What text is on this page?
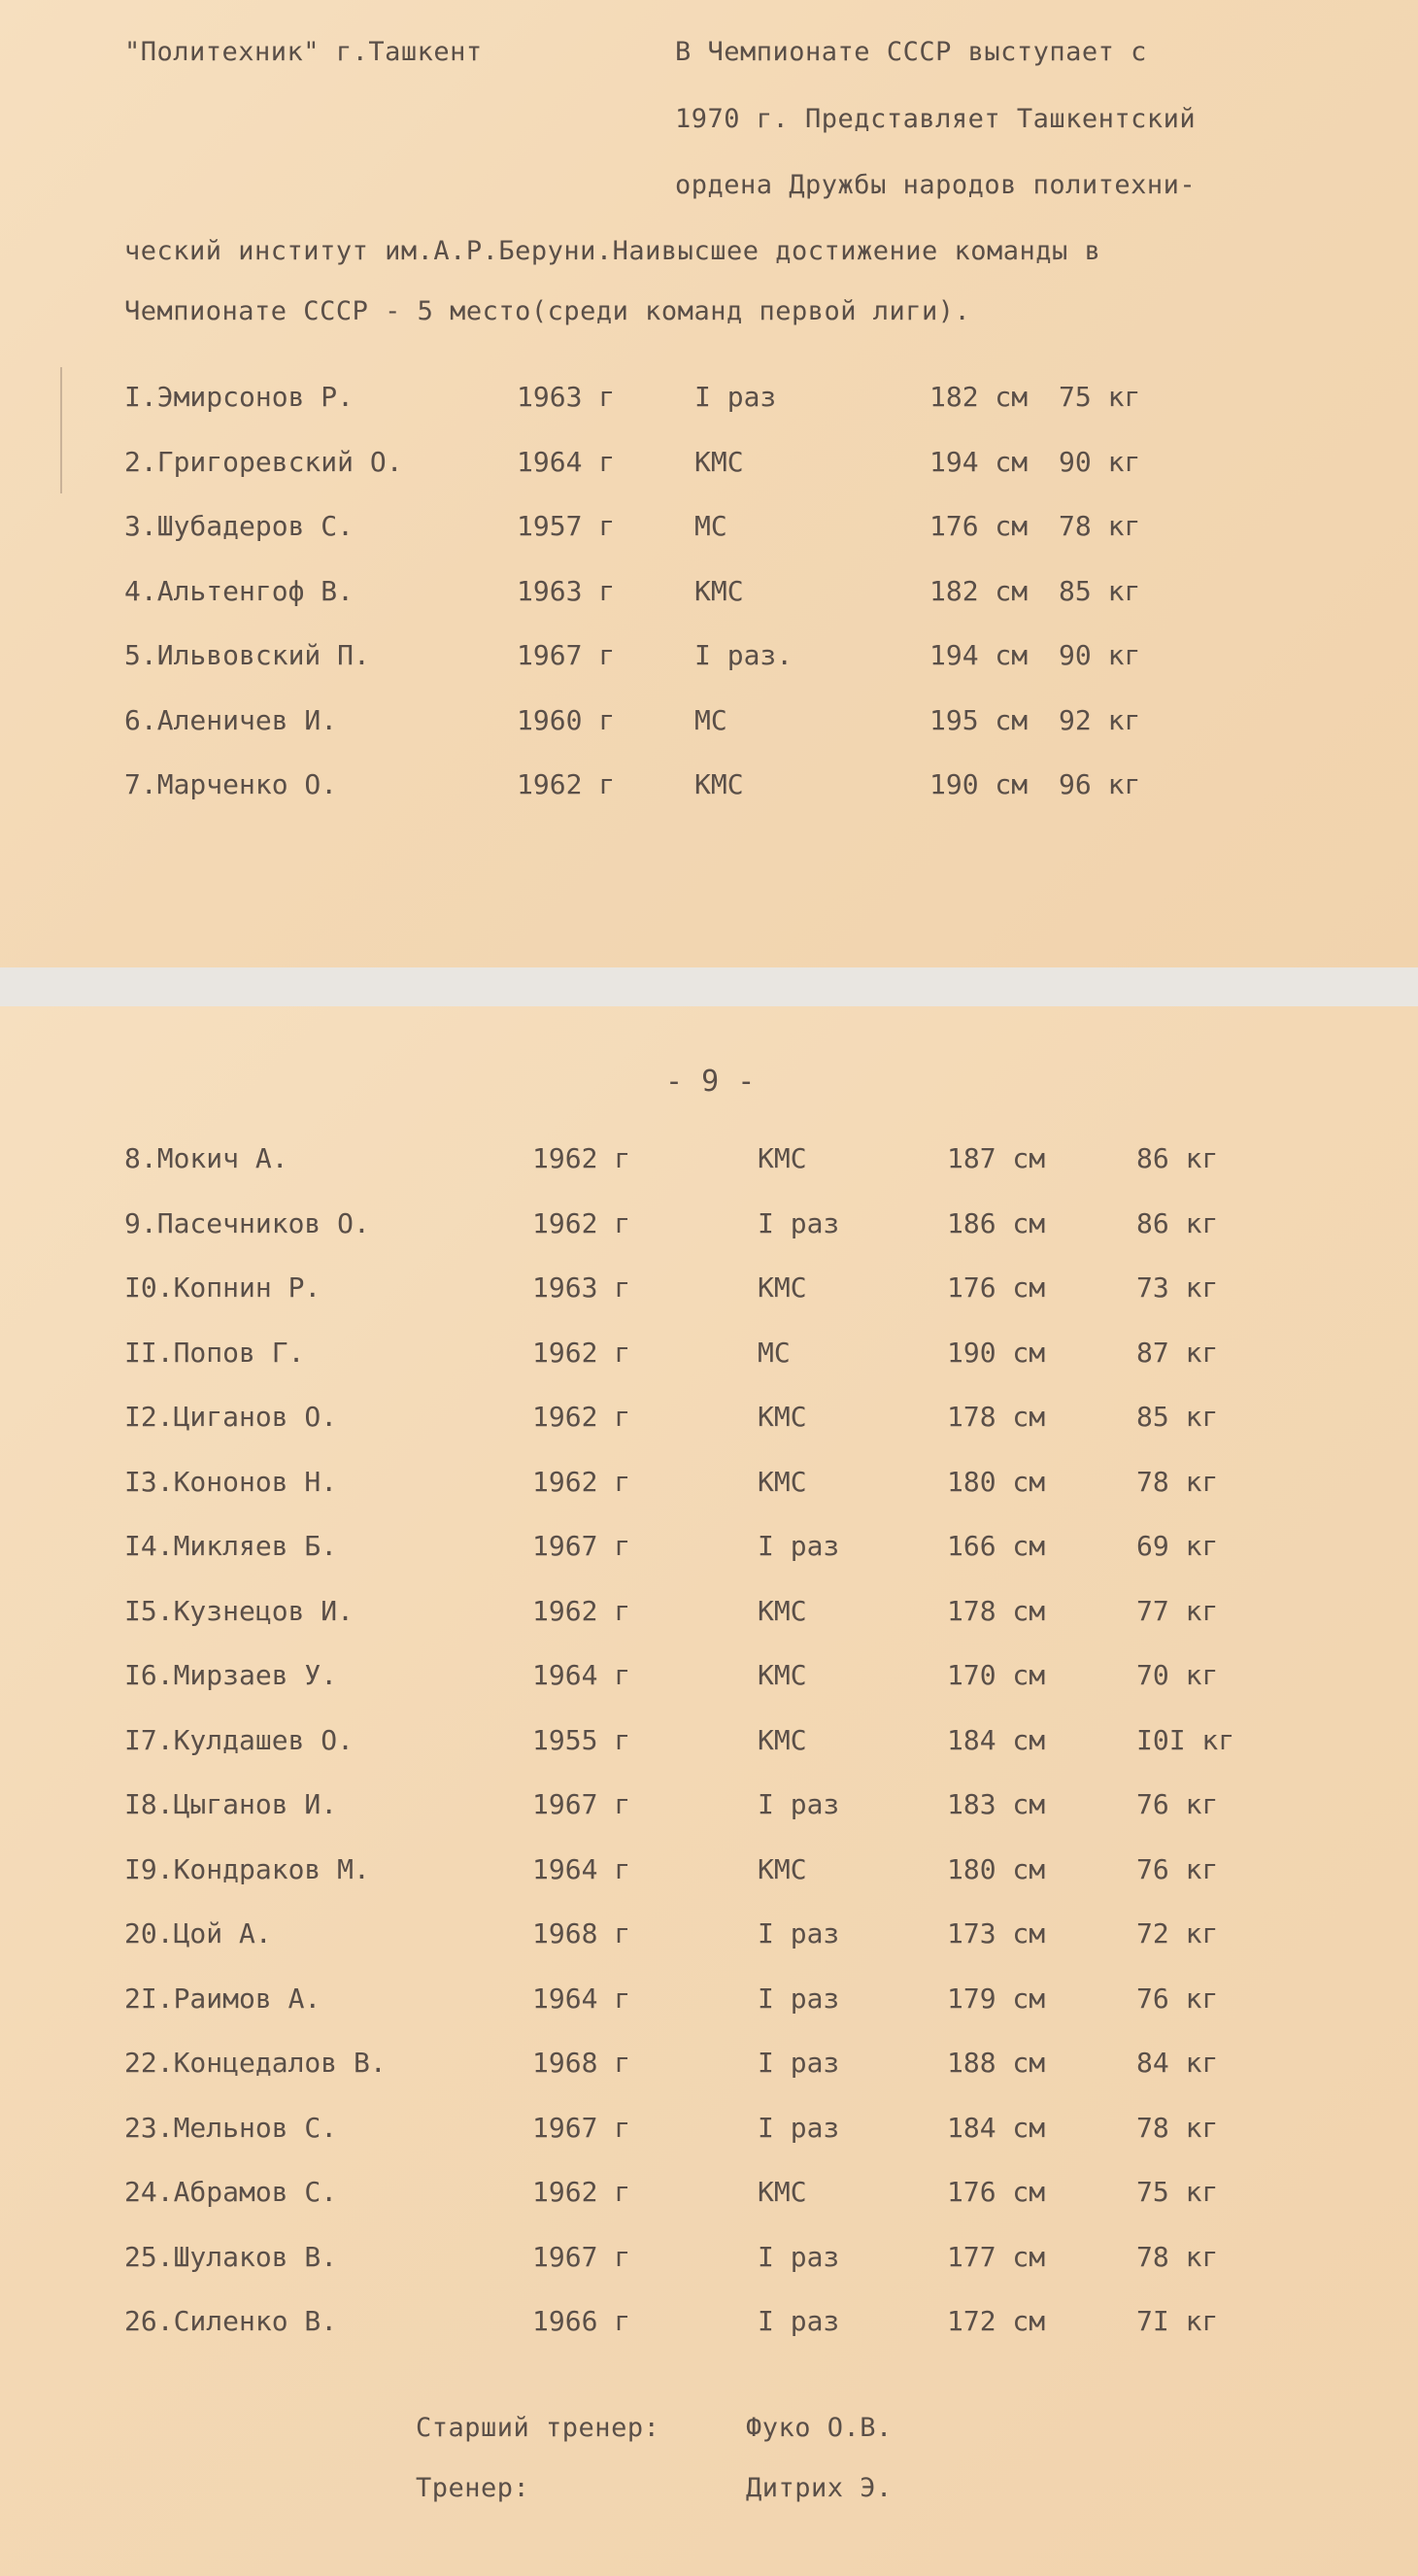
"Политехник" г.Ташкент	В Чемпионате СССР выступает с
1970 г. Представляет Ташкентский
ордена Дружбы народов политехни-
ческий институт им.А.Р.Беруни.Наивысшее достижение команды в
Чемпионате СССР - 5 место(среди команд первой лиги).
I.Эмирсонов Р.	1963 г	I раз	182 см 75 кг
2.Григоревский О.	1964 г	КМС	194 см 90 кг
3.Шубадеров С.	1957 г	МС	176 см 78 кг
4.Альтенгоф В.	1963 г	КМС	182 см 85 кг
5.Ильвовский П.	1967 г	I раз.	194 см 90 кг
6.Аленичев И.	1960 г	МС	195 см 92 кг
7.Марченко О.	1962 г	КМС	190 см 96 кг
- 9 -
8.Мокич А.	1962 г	КМС	187 см	86 кг
9.Пасечников О.	1962 г	I раз	186 см	86 кг
I0.Копнин Р.	1963 г	КМС	176 см	73 кг
II.Попов Г.	1962 г	МС	190 см	87 кг
I2.Циганов О.	1962 г	КМС	178 см	85 кг
I3.Кононов Н.	1962 г	КМС	180 см	78 кг
I4.Микляев Б.	1967 г	I раз	166 см	69 кг
I5.Кузнецов И.	1962 г	КМС	178 см	77 кг
I6.Мирзаев У.	1964 г	КМС	170 см	70 кг
I7.Кулдашев О.	1955 г	КМС	184 см	I0I кг
I8.Цыганов И.	1967 г	I раз	183 см	76 кг
I9.Кондраков М.	1964 г	КМС	180 см	76 кг
20.Цой А.	1968 г	I раз	173 см	72 кг
2I.Раимов А.	1964 г	I раз	179 см	76 кг
22.Концедалов В.	1968 г	I раз	188 см	84 кг
23.Мельнов С.	1967 г	I раз	184 см	78 кг
24.Абрамов С.	1962 г	КМС	176 см	75 кг
25.Шулаков В.	1967 г	I раз	177 см	78 кг
26.Силенко В.	1966 г	I раз	172 см	7I кг
Старший тренер:	Фуко О.В.
Тренер:	Дитрих Э.
